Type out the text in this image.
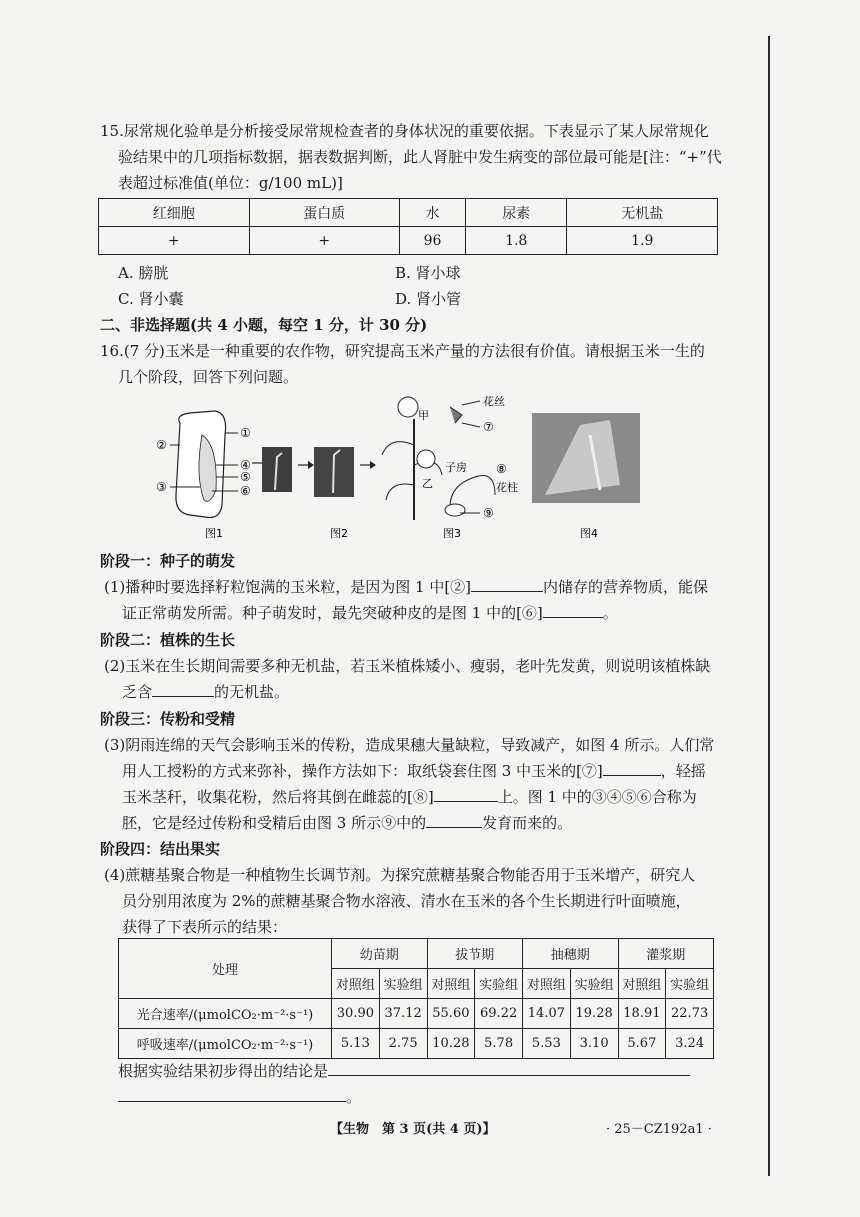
15.尿常规化验单是分析接受尿常规检查者的身体状况的重要依据。下表显示了某人尿常规化
验结果中的几项指标数据，据表数据判断，此人肾脏中发生病变的部位最可能是[注：“+”代
表超过标准值(单位：g/100 mL)]
红细胞	蛋白质	水	尿素	无机盐
+	+	96	1.8	1.9
A. 膀胱	B. 肾小球
C. 肾小囊	D. 肾小管
二、非选择题(共 4 小题，每空 1 分，计 30 分)
16.(7 分)玉米是一种重要的农作物，研究提高玉米产量的方法很有价值。请根据玉米一生的
几个阶段，回答下列问题。
①
②
④
⑤
③	⑥
甲
乙
花丝
⑦
子房 ⑧
花柱
⑨
图1	图2	图3	图4
阶段一：种子的萌发
(1)播种时要选择籽粒饱满的玉米粒，是因为图 1 中[②]	内储存的营养物质，能保
证正常萌发所需。种子萌发时，最先突破种皮的是图 1 中的[⑥]	。
阶段二：植株的生长
(2)玉米在生长期间需要多种无机盐，若玉米植株矮小、瘦弱，老叶先发黄，则说明该植株缺
乏含	的无机盐。
阶段三：传粉和受精
(3)阴雨连绵的天气会影响玉米的传粉，造成果穗大量缺粒，导致减产，如图 4 所示。人们常
用人工授粉的方式来弥补，操作方法如下：取纸袋套住图 3 中玉米的[⑦]	，轻摇
玉米茎秆，收集花粉，然后将其倒在雌蕊的[⑧]	上。图 1 中的③④⑤⑥合称为
胚，它是经过传粉和受精后由图 3 所示⑨中的	发育而来的。
阶段四：结出果实
(4)蔗糖基聚合物是一种植物生长调节剂。为探究蔗糖基聚合物能否用于玉米增产，研究人
员分别用浓度为 2%的蔗糖基聚合物水溶液、清水在玉米的各个生长期进行叶面喷施，
获得了下表所示的结果：
处理	幼苗期		拔节期		抽穗期		灌浆期	
	对照组	实验组	对照组	实验组	对照组	实验组	对照组	实验组
光合速率/(μmolCO₂·m⁻²·s⁻¹)	30.90	37.12	55.60	69.22	14.07	19.28	18.91	22.73
呼吸速率/(μmolCO₂·m⁻²·s⁻¹)	5.13	2.75	10.28	5.78	5.53	3.10	5.67	3.24
根据实验结果初步得出的结论是
。
【生物　第 3 页(共 4 页)】	· 25－CZ192a1 ·
